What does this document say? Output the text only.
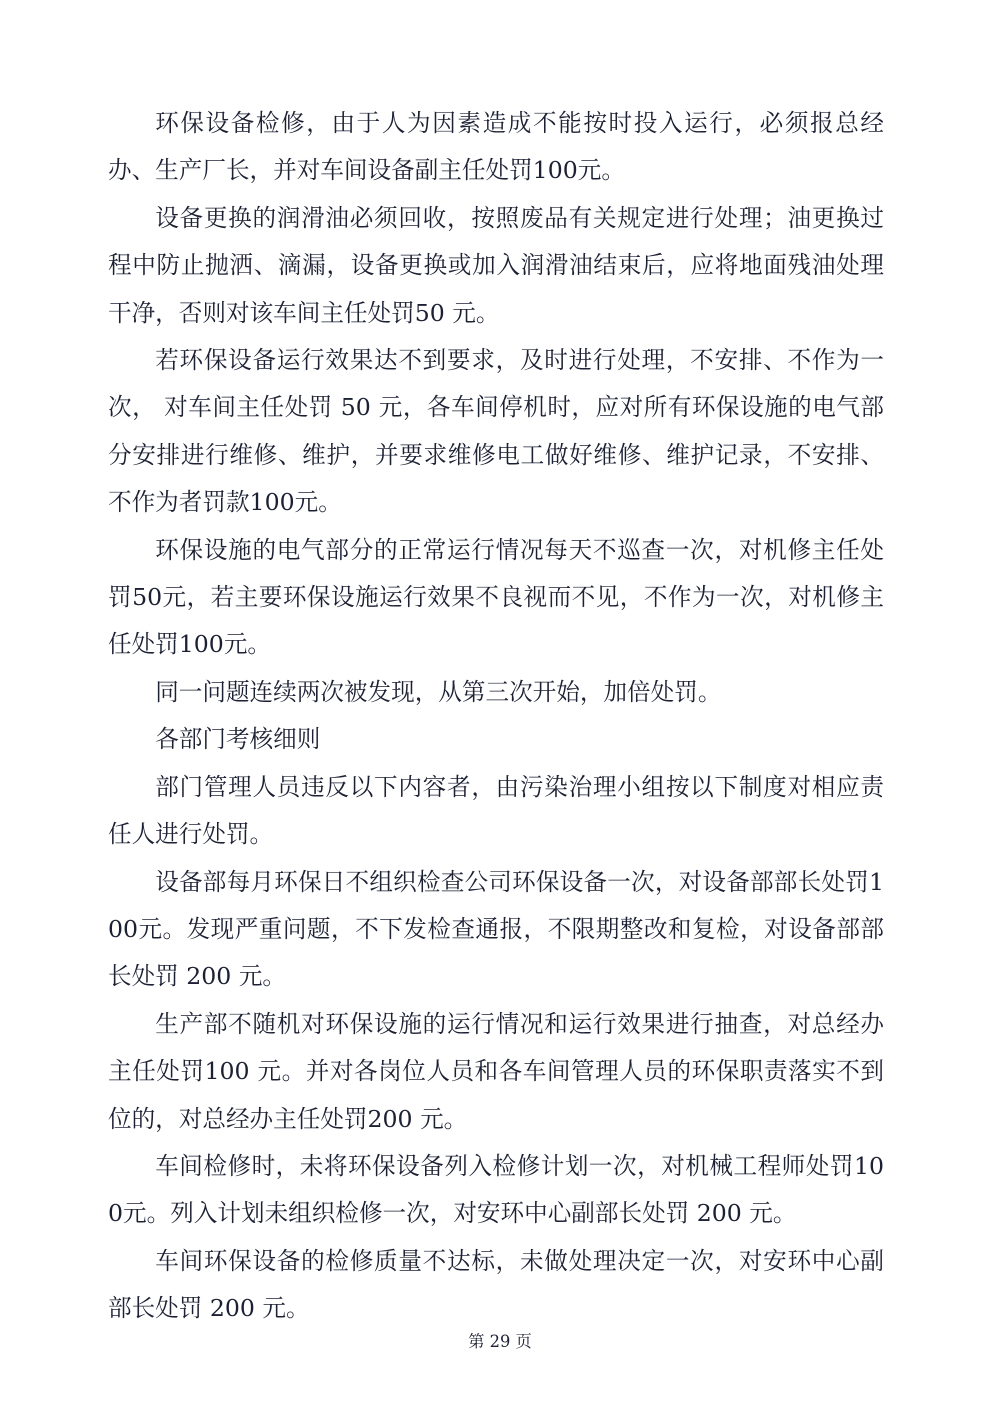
环保设备检修，由于人为因素造成不能按时投入运行，必须报总经办、生产厂长，并对车间设备副主任处罚100元。

设备更换的润滑油必须回收，按照废品有关规定进行处理；油更换过程中防止抛洒、滴漏，设备更换或加入润滑油结束后，应将地面残油处理干净，否则对该车间主任处罚50 元。

若环保设备运行效果达不到要求，及时进行处理，不安排、不作为一次， 对车间主任处罚 50 元，各车间停机时，应对所有环保设施的电气部分安排进行维修、维护，并要求维修电工做好维修、维护记录，不安排、不作为者罚款100元。

环保设施的电气部分的正常运行情况每天不巡查一次，对机修主任处罚50元，若主要环保设施运行效果不良视而不见，不作为一次，对机修主任处罚100元。

同一问题连续两次被发现，从第三次开始，加倍处罚。

各部门考核细则

部门管理人员违反以下内容者，由污染治理小组按以下制度对相应责任人进行处罚。

设备部每月环保日不组织检查公司环保设备一次，对设备部部长处罚100元。发现严重问题，不下发检查通报，不限期整改和复检，对设备部部长处罚 200 元。

生产部不随机对环保设施的运行情况和运行效果进行抽查，对总经办主任处罚100 元。并对各岗位人员和各车间管理人员的环保职责落实不到位的，对总经办主任处罚200 元。

车间检修时，未将环保设备列入检修计划一次，对机械工程师处罚100元。列入计划未组织检修一次，对安环中心副部长处罚 200 元。

车间环保设备的检修质量不达标，未做处理决定一次，对安环中心副部长处罚 200 元。

第 29 页
